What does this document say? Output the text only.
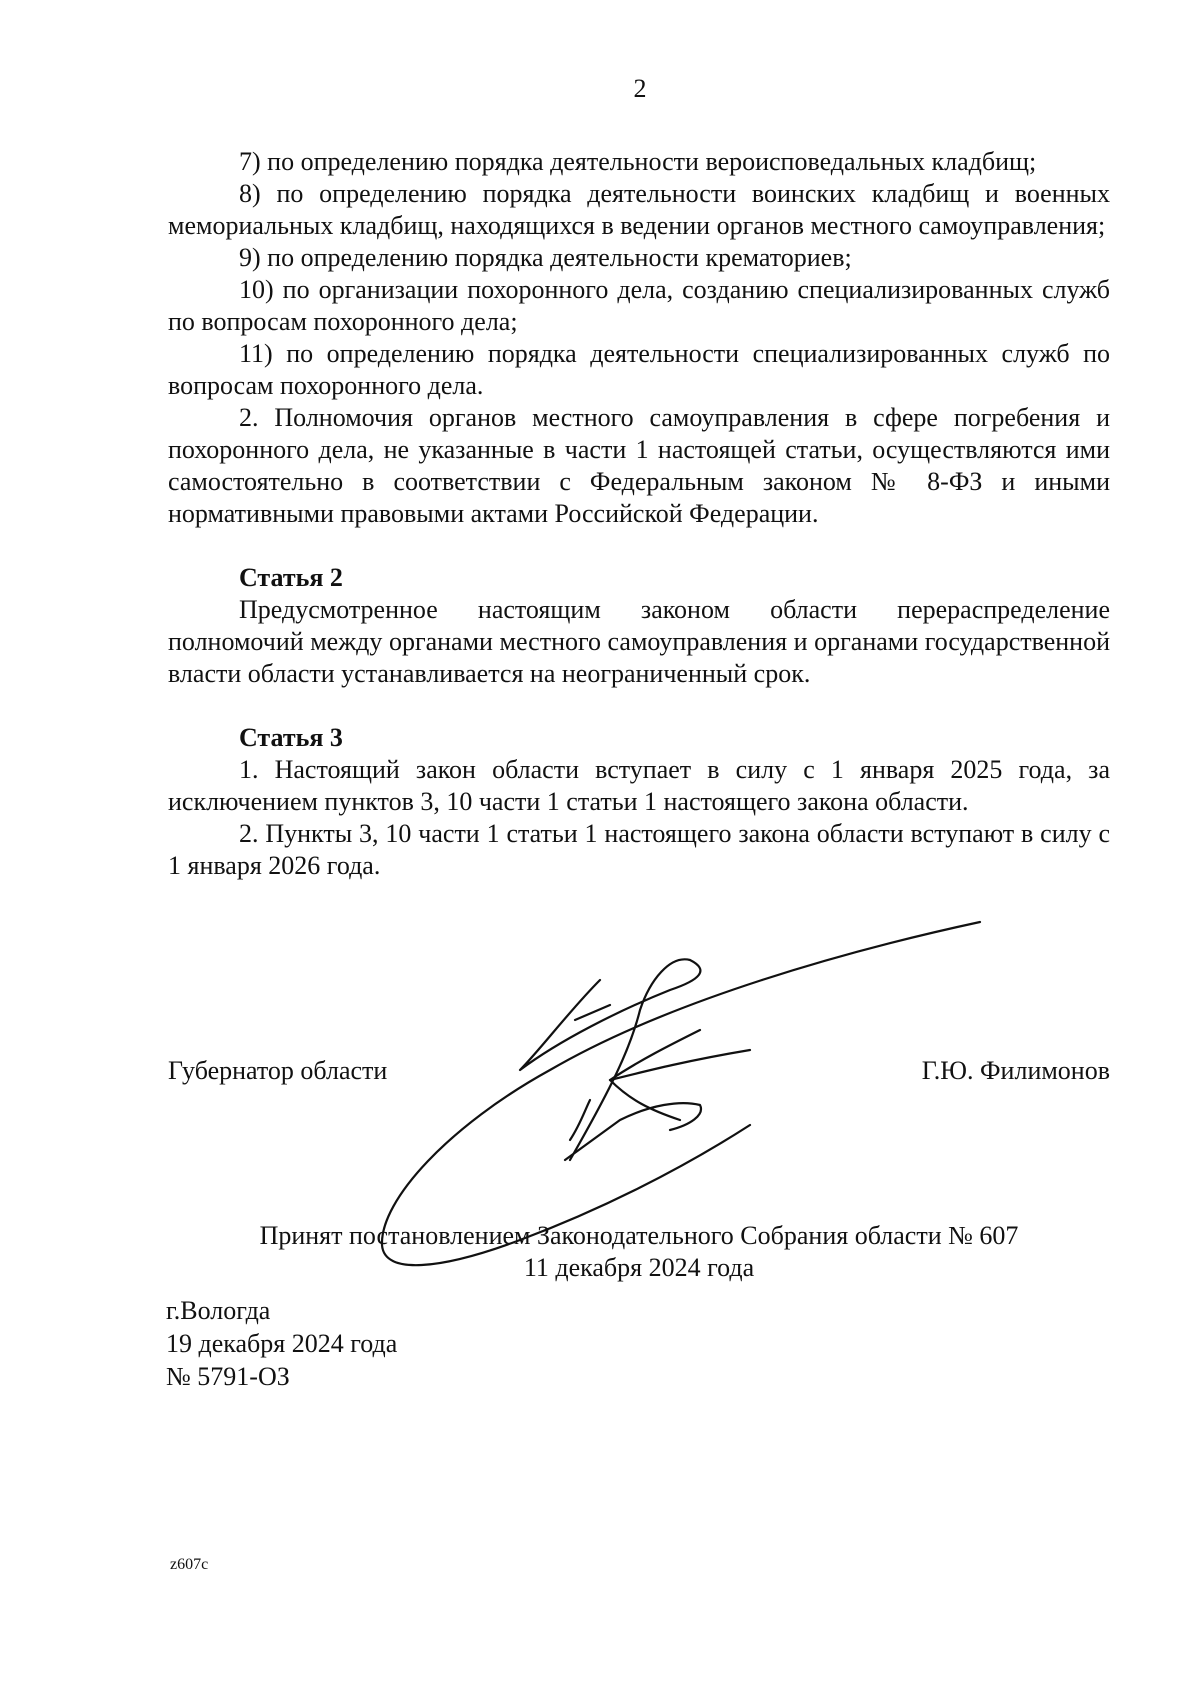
2

7) по определению порядка деятельности вероисповедальных кладбищ;

8) по определению порядка деятельности воинских кладбищ и военных мемориальных кладбищ, находящихся в ведении органов местного самоуправления;

9) по определению порядка деятельности крематориев;

10) по организации похоронного дела, созданию специализированных служб по вопросам похоронного дела;

11) по определению порядка деятельности специализированных служб по вопросам похоронного дела.

2. Полномочия органов местного самоуправления в сфере погребения и похоронного дела, не указанные в части 1 настоящей статьи, осуществляются ими самостоятельно в соответствии с Федеральным законом № 8-ФЗ и иными нормативными правовыми актами Российской Федерации.

Статья 2

Предусмотренное настоящим законом области перераспределение полномочий между органами местного самоуправления и органами государственной власти области устанавливается на неограниченный срок.

Статья 3

1. Настоящий закон области вступает в силу с 1 января 2025 года, за исключением пунктов 3, 10 части 1 статьи 1 настоящего закона области.

2. Пункты 3, 10 части 1 статьи 1 настоящего закона области вступают в силу с 1 января 2026 года.

Губернатор области	Г.Ю. Филимонов
Принят постановлением Законодательного Собрания области № 607
11 декабря 2024 года
г.Вологда
19 декабря 2024 года
№ 5791-ОЗ
z607c
